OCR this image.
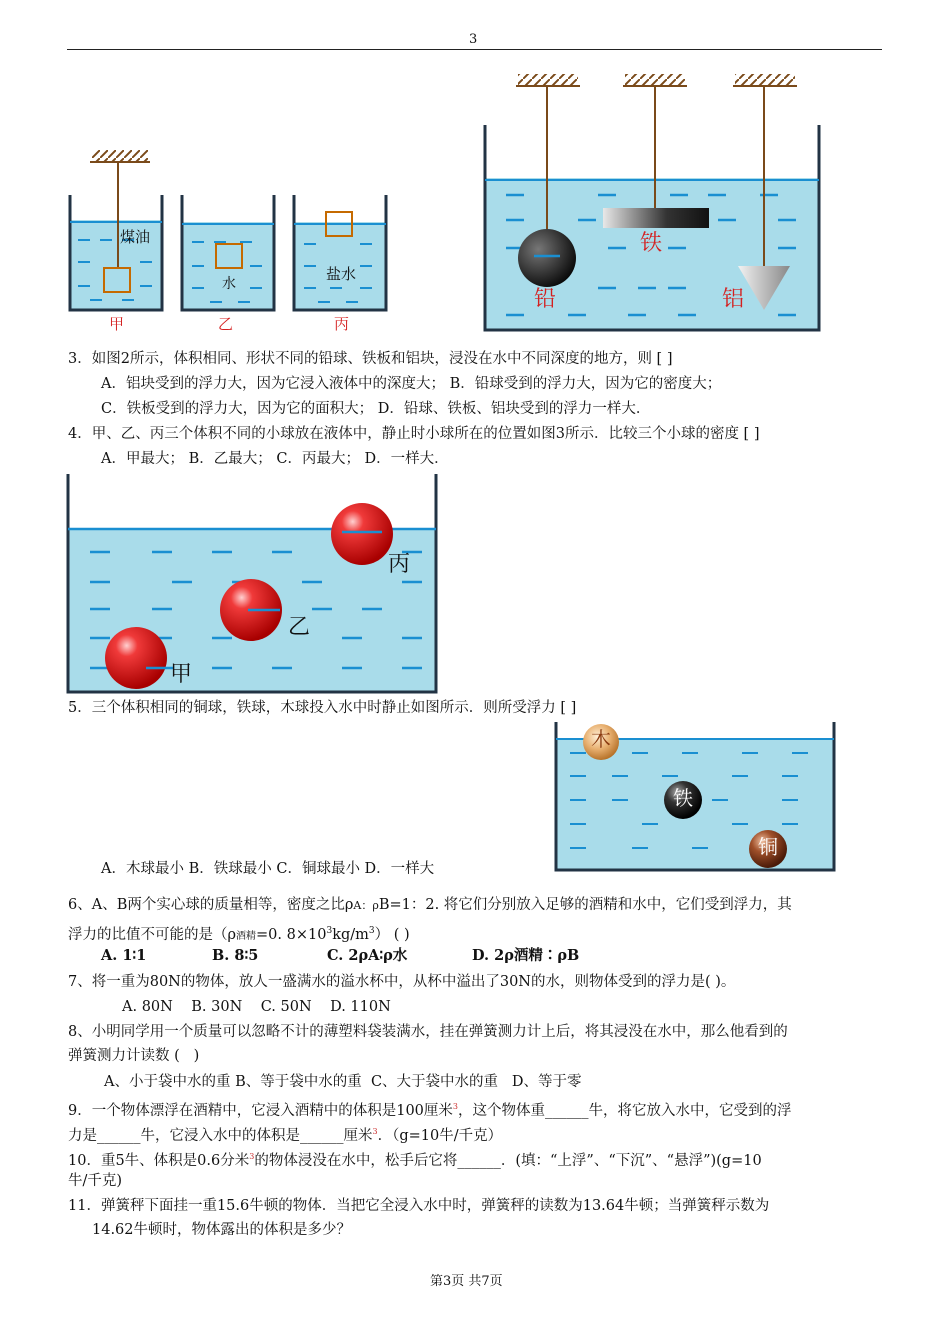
3
煤油
水
盐水
甲	乙	丙
铅
铁
铝
3．如图2所示，体积相同、形状不同的铅球、铁板和铝块，浸没在水中不同深度的地方，则 [ ]
A．铝块受到的浮力大，因为它浸入液体中的深度大； B．铅球受到的浮力大，因为它的密度大；
C．铁板受到的浮力大，因为它的面积大； D．铅球、铁板、铝块受到的浮力一样大．
4．甲、乙、丙三个体积不同的小球放在液体中，静止时小球所在的位置如图3所示．比较三个小球的密度 [ ]
A．甲最大； B．乙最大； C．丙最大； D．一样大．
丙
乙
甲
5．三个体积相同的铜球，铁球，木球投入水中时静止如图所示．则所受浮力 [ ]
木
铁
铜
A．木球最小 B．铁球最小 C．铜球最小 D．一样大
6、A、B两个实心球的质量相等，密度之比ρA：ρB=1：2. 将它们分别放入足够的酒精和水中，它们受到浮力，其
浮力的比值不可能的是（ρ酒精=0. $8\times 10^3kg/m^3$） ( )
A. 1∶1	B. 8∶5	C. 2ρA∶ρ水	D. 2ρ酒精∶ρB
7、将一重为80N的物体，放人一盛满水的溢水杯中，从杯中溢出了30N的水，则物体受到的浮力是( )。
A. 80N    B. 30N    C. 50N    D. 110N
8、小明同学用一个质量可以忽略不计的薄塑料袋装满水，挂在弹簧测力计上后，将其浸没在水中，那么他看到的
弹簧测力计读数 (   )
A、小于袋中水的重 B、等于袋中水的重  C、大于袋中水的重   D、等于零
9．一个物体漂浮在酒精中，它浸入酒精中的体积是100厘米$^3$，这个物体重______牛，将它放入水中，它受到的浮
力是______牛，它浸入水中的体积是______厘米$^3$．（g=10牛/千克）
10．重5牛、体积是0.6分米$^3$的物体浸没在水中，松手后它将______．(填：“上浮”、“下沉”、“悬浮”)(g=10
牛/千克)
11．弹簧秤下面挂一重15.6牛顿的物体．当把它全浸入水中时，弹簧秤的读数为13.64牛顿；当弹簧秤示数为
14.62牛顿时，物体露出的体积是多少？
第3页 共7页
